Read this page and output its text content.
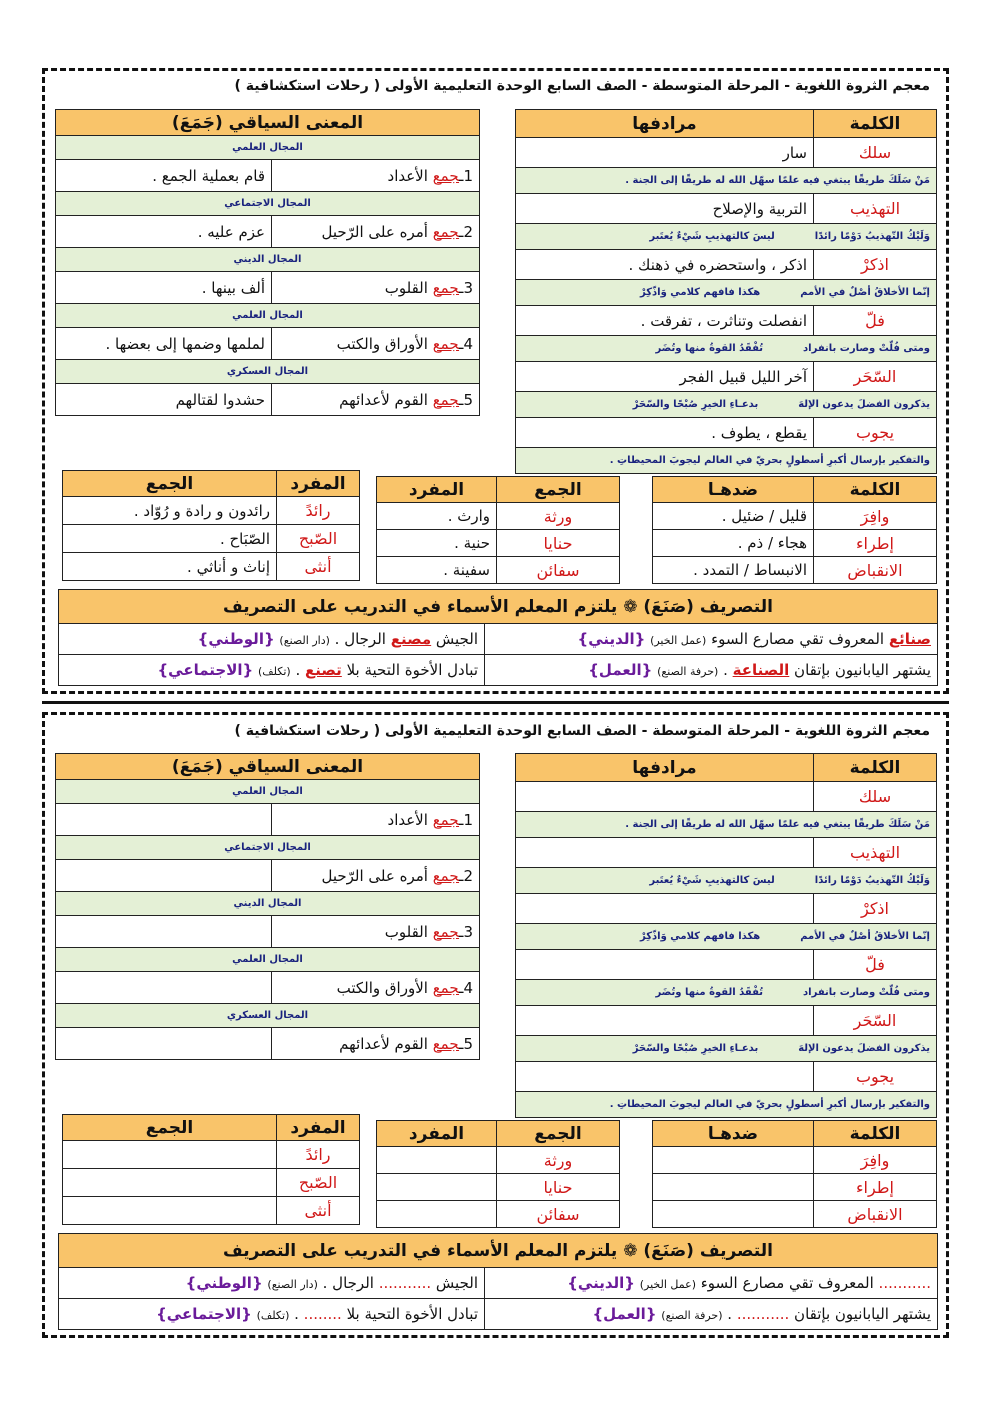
معجم الثروة اللغوية - المرحلة المتوسطة - الصف السابع الوحدة التعليمية الأولى ( رحلات استكشافية )
المعنى السياقي (جَمَعَ)	
المجال العلمي	
1ـجمع الأعداد	قام بعملية الجمع .
المجال الاجتماعي	
2ـجمع أمره على الرّحيل	عزم عليه .
المجال الديني	
3ـجمع القلوب	ألف بينها .
المجال العلمي	
4ـجمع الأوراق والكتب	لملمها وضمها إلى بعضها .
المجال العسكري	
5ـجمع القوم لأعدائهم	حشدوا لقتالهم
الكلمة	مرادفها
سلك	سار
مَنْ سَلَكَ طريقًا يبتغي فيه علمًا سهّل الله له طريقًا إلى الجنة .	
التهذيب	التربية والإصلاح
وَلَيْكُ التّهذيبُ دَوْمًا رائدًاليسَ كالتهذيبِ شَيْءٌ يُعتَبر	
اذكرْ	اذكر ، واستحضره في ذهنك .
إنّما الأخلاقُ أصْلٌ في الأممهكذا فافهم كلامي وَاذّكِرْ	
فلّ	انفصلت وتناثرت ، تفرقت .
ومتى فُلّتْ وصارت بانفرادتُفْقَدُ القوةُ منها وتُضَر	
السّحَر	آخر الليل قبيل الفجر
يذكرون الفضلَ يدعون الإلهَبدعـاءِ الخيرِ صُبْحًا والسّحَرْ	
يجوب	يقطع ، يطوف .
والتفكير بإرسال أكبرِ أسطولٍ بحريّ في العالم ليجوبَ المحيطاتِ .	
الكلمة	ضدهـا
وافِرَ	قليل / ضئيل .
إطراء	هجاء / ذم .
الانقباض	الانبساط / التمدد .
الجمع	المفرد
ورثة	وارث .
حنايا	حنية .
سفائن	سفينة .
المفرد	الجمع
رائدً	رائدون و رادة و رُوّاد .
الصّبح	الصّبَاح .
أنثى	إناث و أناثي .
التصريف (صَنَعَ) ❁ يلتزم المعلم الأسماء في التدريب على التصريف	
صنائع المعروف تقي مصارع السوء (عمل الخير) {الديني}	الجيش مصنع الرجال . (دار الصنع) {الوطني}
يشتهر اليابانيون بإتقان الصناعة . (حرفة الصنع) {العمل}	تبادل الأخوة التحية بلا تصنع . (تكلف) {الاجتماعي}
معجم الثروة اللغوية - المرحلة المتوسطة - الصف السابع الوحدة التعليمية الأولى ( رحلات استكشافية )
المعنى السياقي (جَمَعَ)	
المجال العلمي	
1ـجمع الأعداد	
المجال الاجتماعي	
2ـجمع أمره على الرّحيل	
المجال الديني	
3ـجمع القلوب	
المجال العلمي	
4ـجمع الأوراق والكتب	
المجال العسكري	
5ـجمع القوم لأعدائهم	
الكلمة	مرادفها
سلك	
مَنْ سَلَكَ طريقًا يبتغي فيه علمًا سهّل الله له طريقًا إلى الجنة .	
التهذيب	
وَلَيْكُ التّهذيبُ دَوْمًا رائدًاليسَ كالتهذيبِ شَيْءٌ يُعتَبر	
اذكرْ	
إنّما الأخلاقُ أصْلٌ في الأممهكذا فافهم كلامي وَاذّكِرْ	
فلّ	
ومتى فُلّتْ وصارت بانفرادتُفْقَدُ القوةُ منها وتُضَر	
السّحَر	
يذكرون الفضلَ يدعون الإلهَبدعـاءِ الخيرِ صُبْحًا والسّحَرْ	
يجوب	
والتفكير بإرسال أكبرِ أسطولٍ بحريّ في العالم ليجوبَ المحيطاتِ .	
الكلمة	ضدهـا
وافِرَ	
إطراء	
الانقباض	
الجمع	المفرد
ورثة	
حنايا	
سفائن	
المفرد	الجمع
رائدً	
الصّبح	
أنثى	
التصريف (صَنَعَ) ❁ يلتزم المعلم الأسماء في التدريب على التصريف	
........... المعروف تقي مصارع السوء (عمل الخير) {الديني}	الجيش ........... الرجال . (دار الصنع) {الوطني}
يشتهر اليابانيون بإتقان ........... . (حرفة الصنع) {العمل}	تبادل الأخوة التحية بلا ........ . (تكلف) {الاجتماعي}
